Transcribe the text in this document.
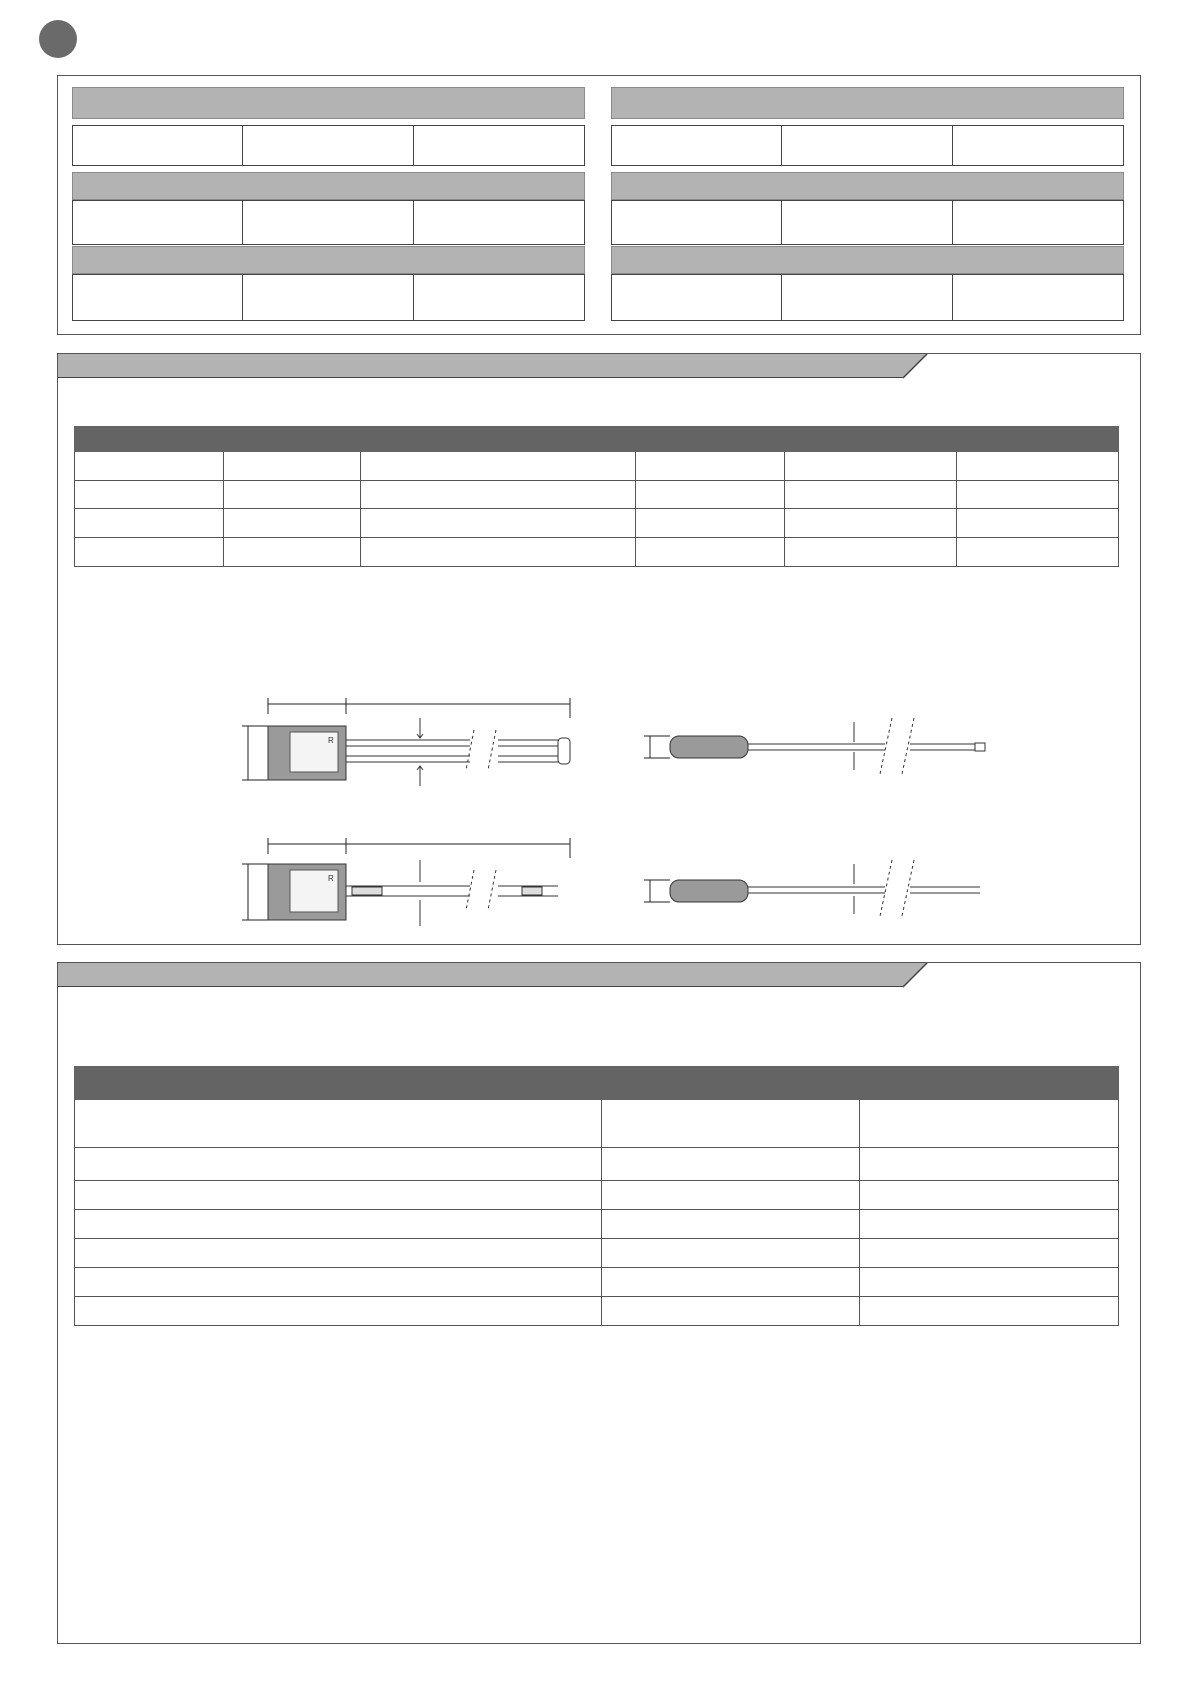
R
R
